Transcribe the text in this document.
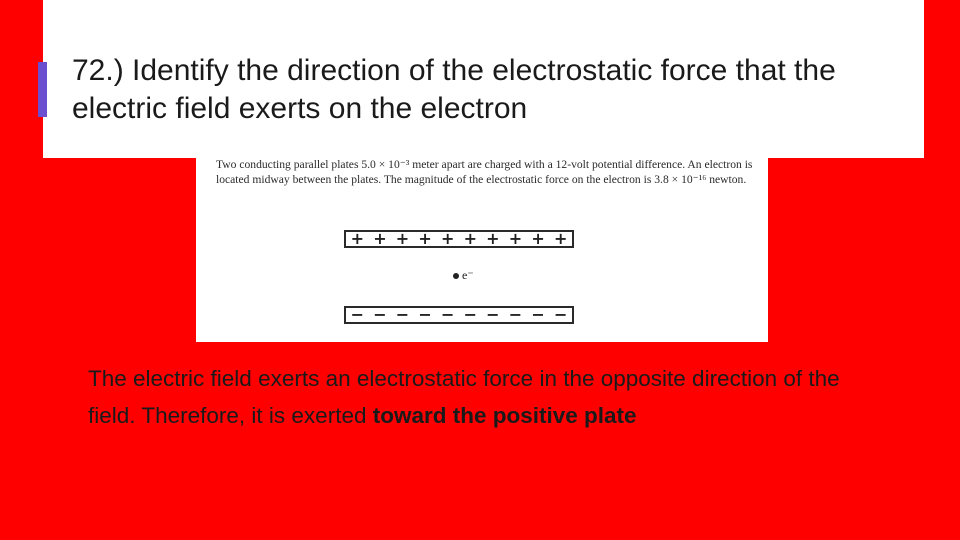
72.) Identify the direction of the electrostatic force that the electric field exerts on the electron
Two conducting parallel plates 5.0 × 10⁻³ meter apart are charged with a 12-volt potential difference. An electron is located midway between the plates. The magnitude of the electrostatic force on the electron is 3.8 × 10⁻¹⁶ newton.
+ + + + + + + + + +
e⁻
− − − − − − − − − −

The electric field exerts an electrostatic force in the opposite direction of the field. Therefore, it is exerted toward the positive plate
